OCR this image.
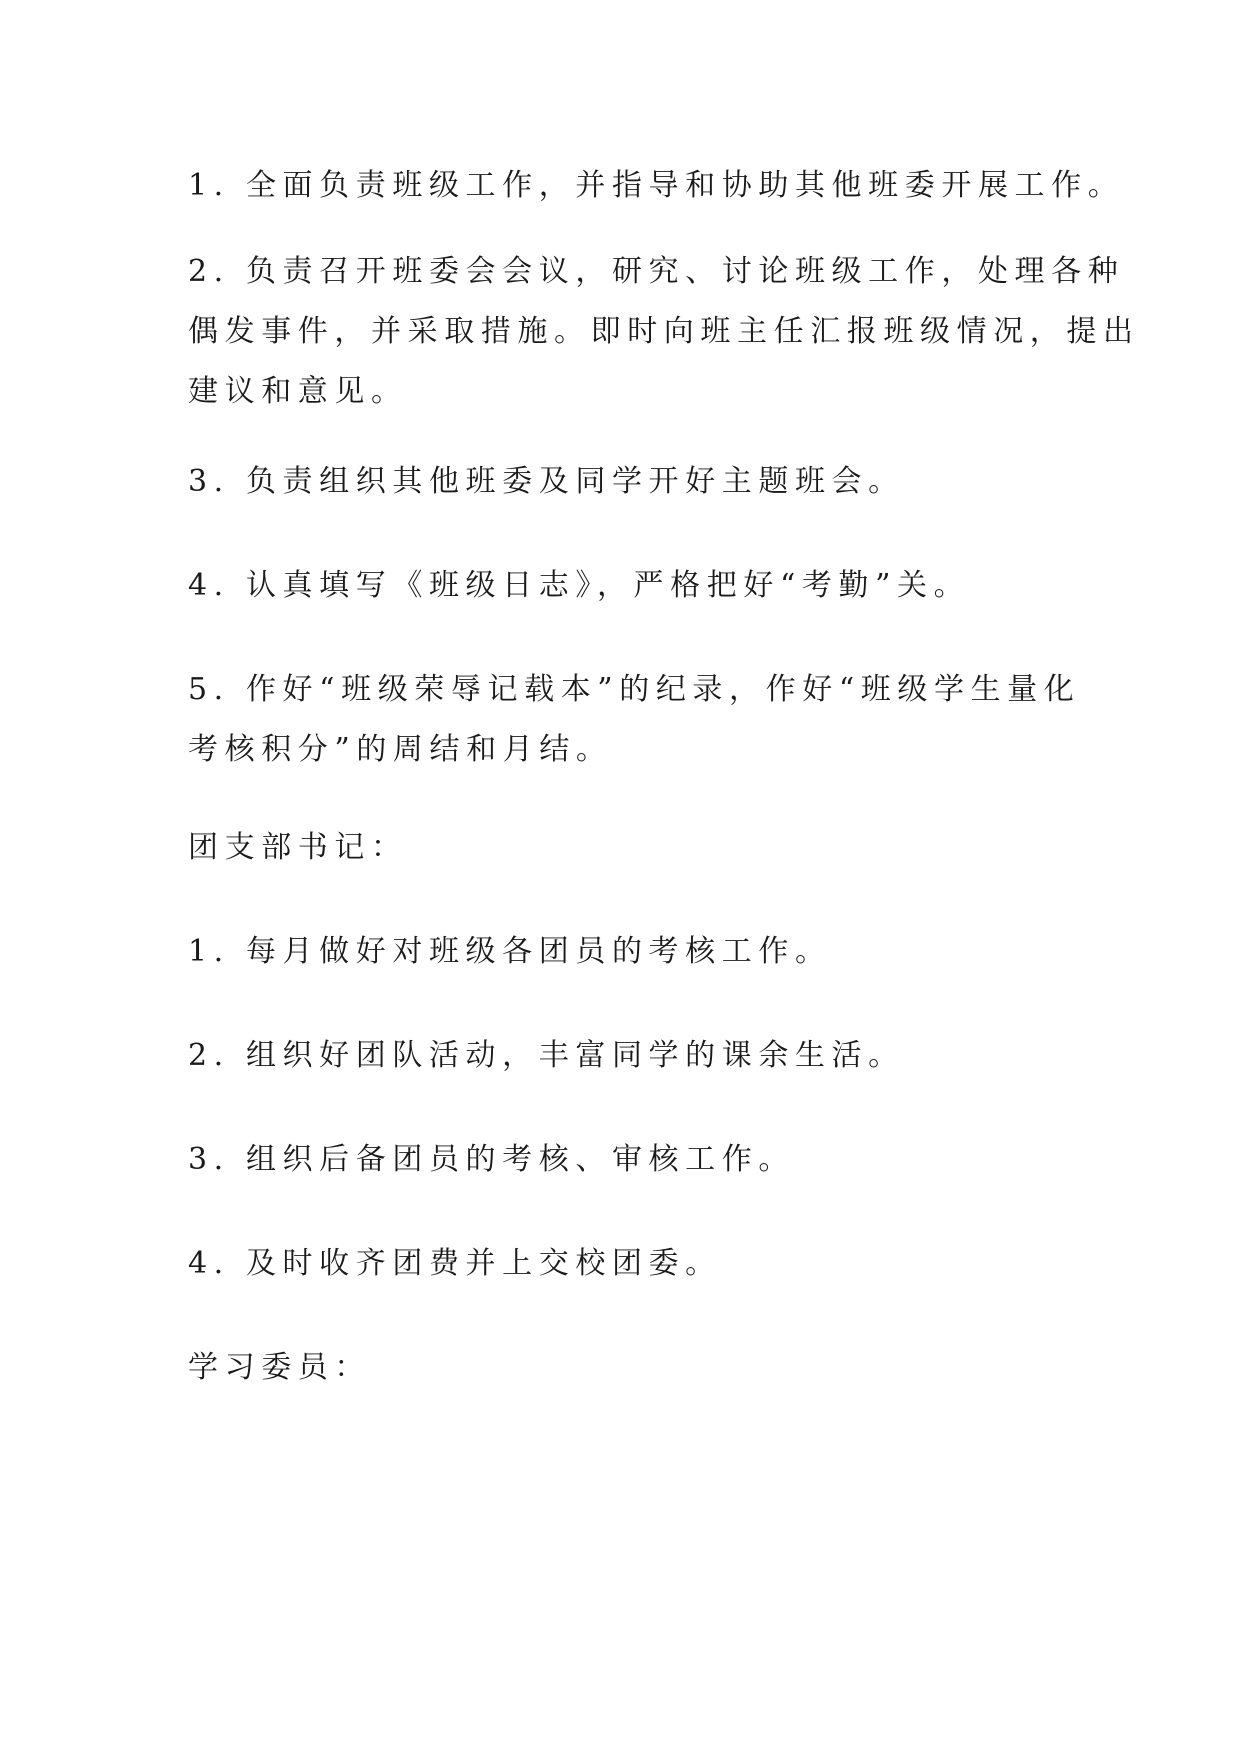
1. 全面负责班级工作，并指导和协助其他班委开展工作。

2. 负责召开班委会会议，研究、讨论班级工作，处理各种
偶发事件，并采取措施。即时向班主任汇报班级情况，提出
建议和意见。

3. 负责组织其他班委及同学开好主题班会。

4. 认真填写《班级日志》，严格把好“考勤”关。

5. 作好“班级荣辱记载本”的纪录，作好“班级学生量化
考核积分”的周结和月结。

团支部书记：

1. 每月做好对班级各团员的考核工作。

2. 组织好团队活动，丰富同学的课余生活。

3. 组织后备团员的考核、审核工作。

4. 及时收齐团费并上交校团委。

学习委员：
